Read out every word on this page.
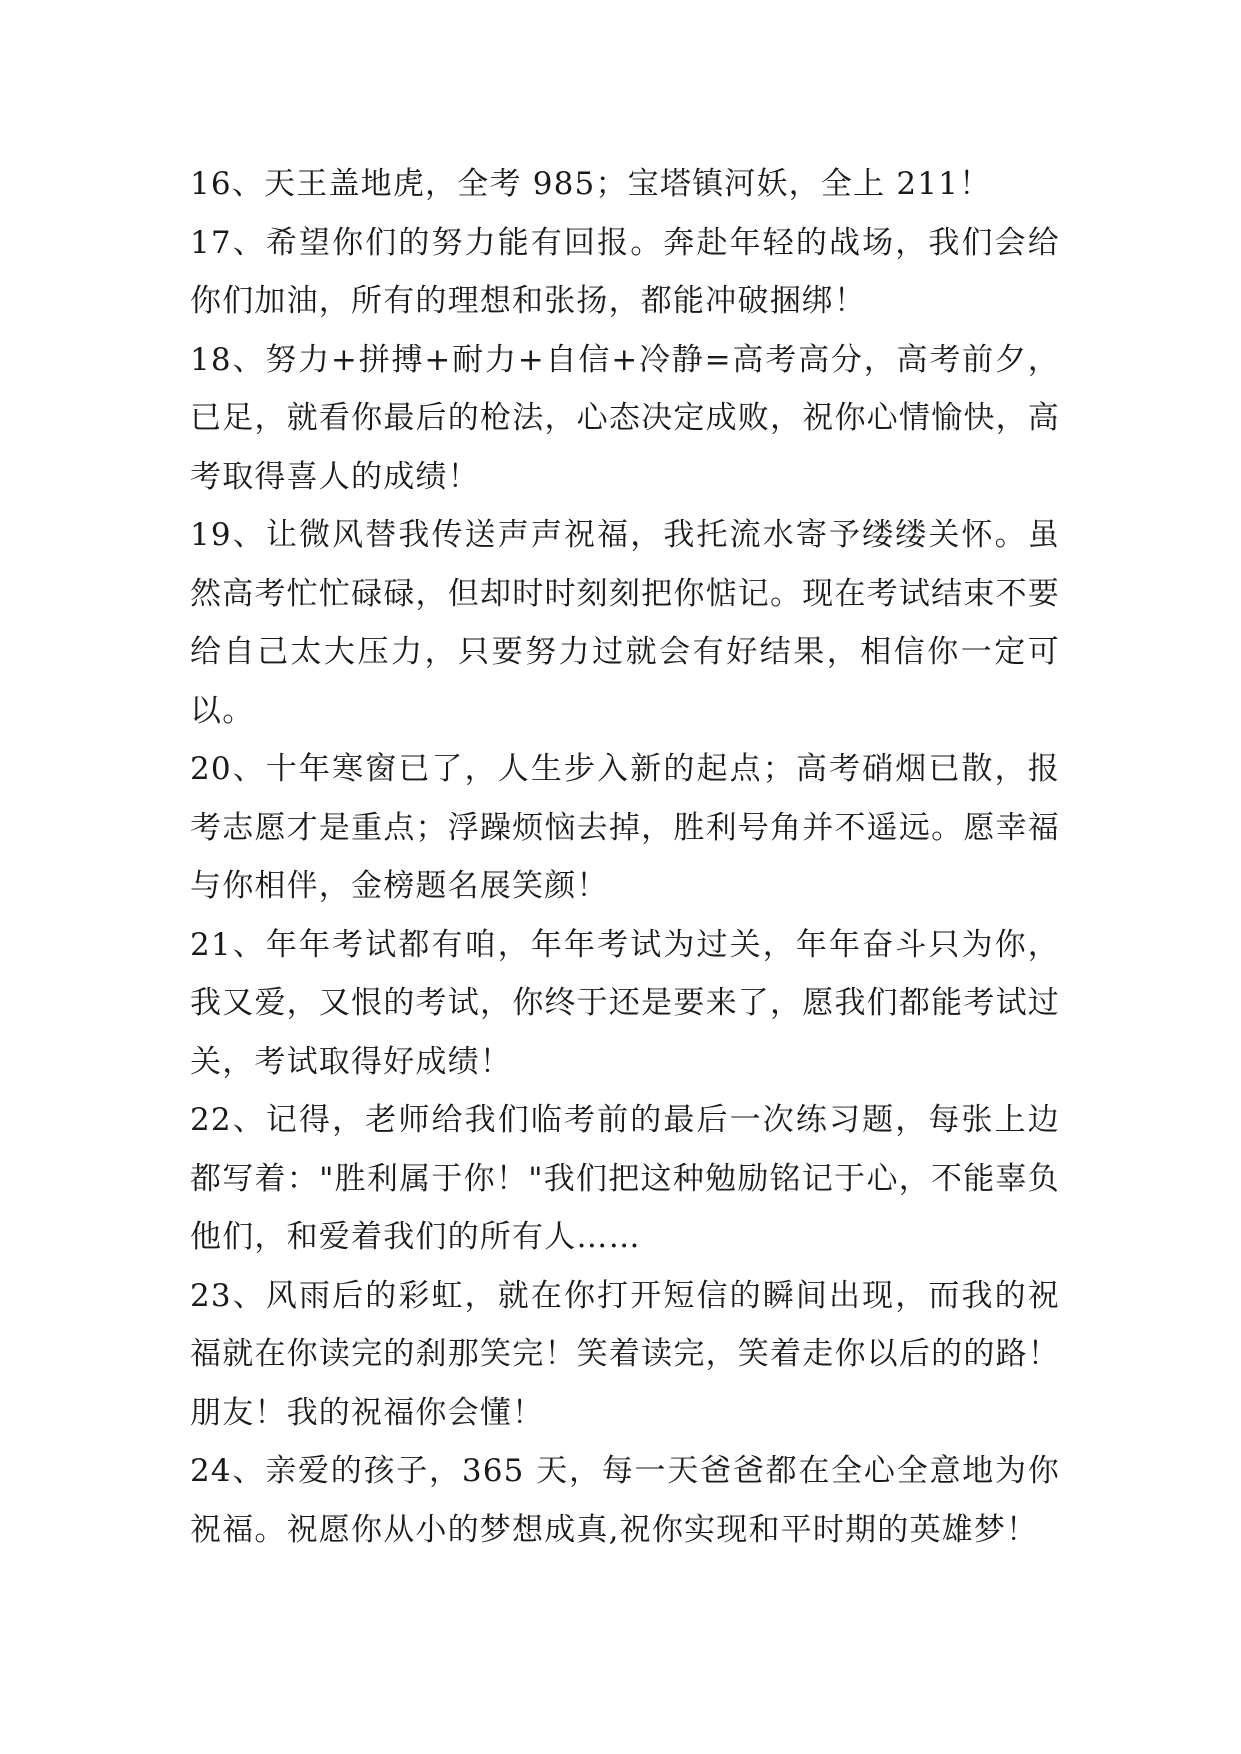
16、天王盖地虎，全考 985；宝塔镇河妖，全上 211！

17、希望你们的努力能有回报。奔赴年轻的战场，我们会给你们加油，所有的理想和张扬，都能冲破捆绑！

18、努力+拼搏+耐力+自信+冷静=高考高分，高考前夕，已足，就看你最后的枪法，心态决定成败，祝你心情愉快，高考取得喜人的成绩！

19、让微风替我传送声声祝福，我托流水寄予缕缕关怀。虽然高考忙忙碌碌，但却时时刻刻把你惦记。现在考试结束不要给自己太大压力，只要努力过就会有好结果，相信你一定可以。

20、十年寒窗已了，人生步入新的起点；高考硝烟已散，报考志愿才是重点；浮躁烦恼去掉，胜利号角并不遥远。愿幸福与你相伴，金榜题名展笑颜！

21、年年考试都有咱，年年考试为过关，年年奋斗只为你，我又爱，又恨的考试，你终于还是要来了，愿我们都能考试过关，考试取得好成绩！

22、记得，老师给我们临考前的最后一次练习题，每张上边都写着："胜利属于你！"我们把这种勉励铭记于心，不能辜负他们，和爱着我们的所有人……

23、风雨后的彩虹，就在你打开短信的瞬间出现，而我的祝福就在你读完的刹那笑完！笑着读完，笑着走你以后的的路！朋友！我的祝福你会懂！

24、亲爱的孩子，365 天，每一天爸爸都在全心全意地为你祝福。祝愿你从小的梦想成真,祝你实现和平时期的英雄梦！
